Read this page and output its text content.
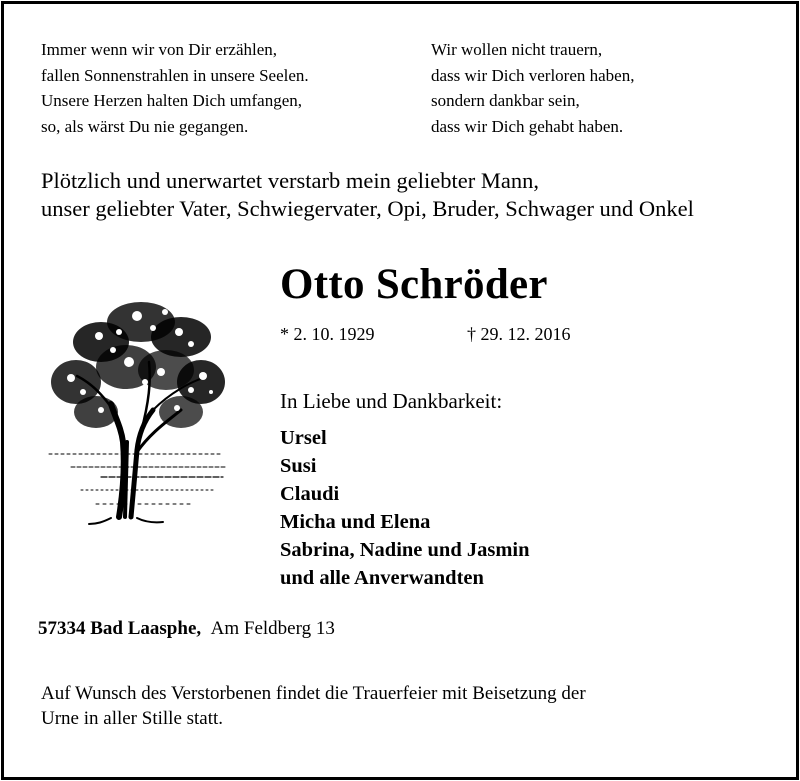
Immer wenn wir von Dir erzählen,
fallen Sonnenstrahlen in unsere Seelen.
Unsere Herzen halten Dich umfangen,
so, als wärst Du nie gegangen.
Wir wollen nicht trauern,
dass wir Dich verloren haben,
sondern dankbar sein,
dass wir Dich gehabt haben.
Plötzlich und unerwartet verstarb mein geliebter Mann,
unser geliebter Vater, Schwiegervater, Opi, Bruder, Schwager und Onkel
Otto Schröder
* 2. 10. 1929	† 29. 12. 2016
In Liebe und Dankbarkeit:
Ursel
Susi
Claudi
Micha und Elena
Sabrina, Nadine und Jasmin
und alle Anverwandten
57334 Bad Laasphe, Am Feldberg 13
Auf Wunsch des Verstorbenen findet die Trauerfeier mit Beisetzung der
Urne in aller Stille statt.
